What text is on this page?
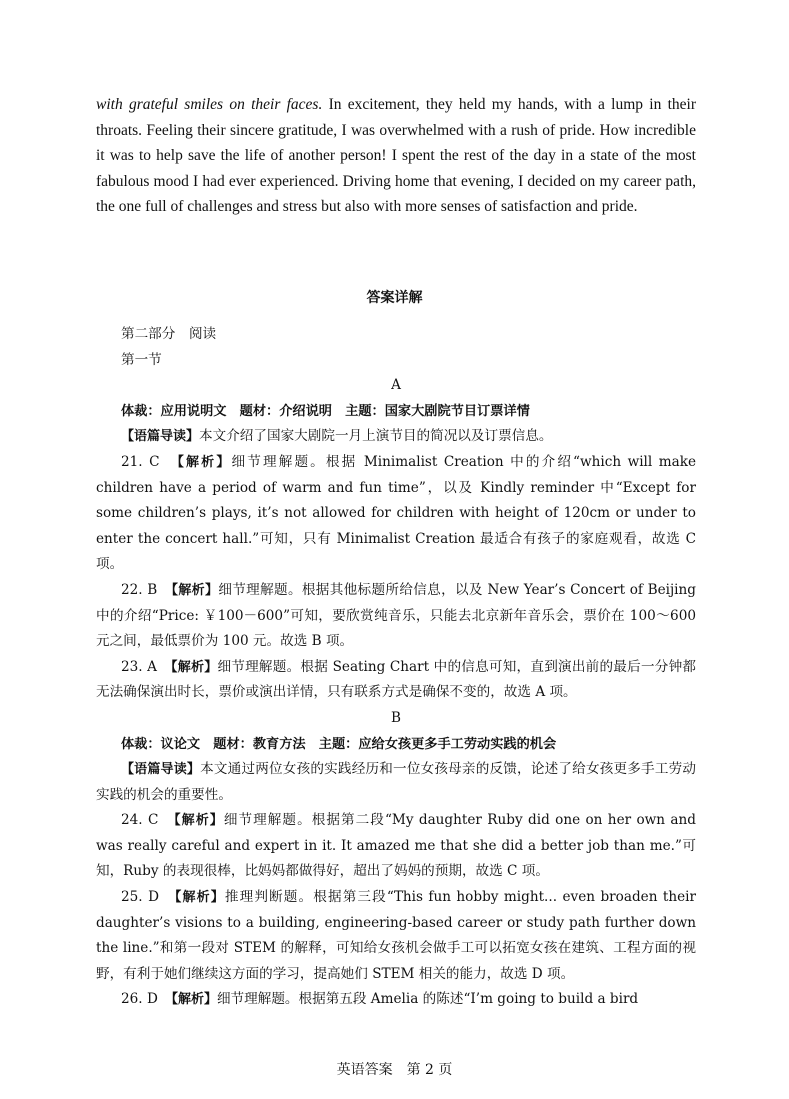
with grateful smiles on their faces. In excitement, they held my hands, with a lump in their throats. Feeling their sincere gratitude, I was overwhelmed with a rush of pride. How incredible it was to help save the life of another person! I spent the rest of the day in a state of the most fabulous mood I had ever experienced. Driving home that evening, I decided on my career path, the one full of challenges and stress but also with more senses of satisfaction and pride.

答案详解

第二部分　阅读

第一节

A

体裁：应用说明文　题材：介绍说明　主题：国家大剧院节目订票详情

【语篇导读】本文介绍了国家大剧院一月上演节目的简况以及订票信息。

21. C　 【解析】细节理解题。根据 Minimalist Creation 中的介绍“which will make children have a period of warm and fun time”，以及 Kindly reminder 中“Except for some children’s plays, it’s not allowed for children with height of 120cm or under to enter the concert hall.”可知，只有 Minimalist Creation 最适合有孩子的家庭观看，故选 C 项。

22. B　 【解析】细节理解题。根据其他标题所给信息，以及 New Year’s Concert of Beijing 中的介绍“Price: ￥100－600”可知，要欣赏纯音乐，只能去北京新年音乐会，票价在 100～600 元之间，最低票价为 100 元。故选 B 项。

23. A　 【解析】细节理解题。根据 Seating Chart 中的信息可知，直到演出前的最后一分钟都无法确保演出时长，票价或演出详情，只有联系方式是确保不变的，故选 A 项。

B

体裁：议论文　题材：教育方法　主题：应给女孩更多手工劳动实践的机会

【语篇导读】本文通过两位女孩的实践经历和一位女孩母亲的反馈，论述了给女孩更多手工劳动实践的机会的重要性。

24. C　 【解析】细节理解题。根据第二段“My daughter Ruby did one on her own and was really careful and expert in it. It amazed me that she did a better job than me.”可知，Ruby 的表现很棒，比妈妈都做得好，超出了妈妈的预期，故选 C 项。

25. D　 【解析】推理判断题。根据第三段“This fun hobby might... even broaden their daughter’s visions to a building, engineering-based career or study path further down the line.”和第一段对 STEM 的解释，可知给女孩机会做手工可以拓宽女孩在建筑、工程方面的视野，有利于她们继续这方面的学习，提高她们 STEM 相关的能力，故选 D 项。

26. D　 【解析】细节理解题。根据第五段 Amelia 的陈述“I’m going to build a bird

英语答案　第 2 页
